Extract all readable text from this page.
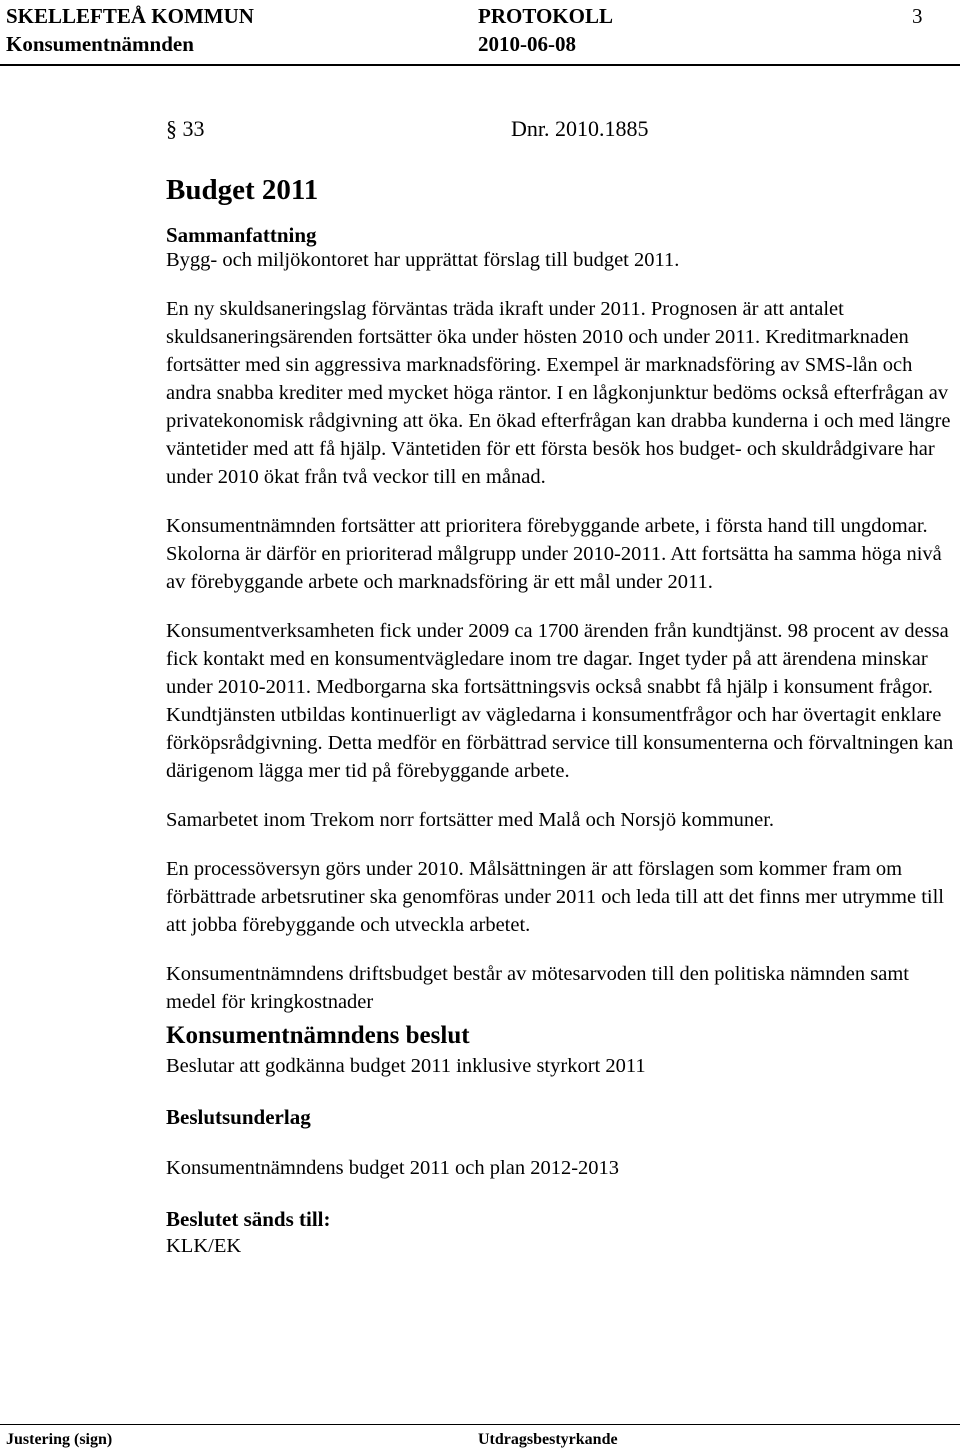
SKELLEFTEÅ KOMMUN
Konsumentnämnden
PROTOKOLL
2010-06-08
3
§ 33	Dnr. 2010.1885
Budget 2011
Sammanfattning

Bygg- och miljökontoret har upprättat förslag till budget 2011.

En ny skuldsaneringslag förväntas träda ikraft under 2011. Prognosen är att antalet skuldsaneringsärenden fortsätter öka under hösten 2010 och under 2011. Kreditmarknaden fortsätter med sin aggressiva marknadsföring. Exempel är marknadsföring av SMS-lån och andra snabba krediter med mycket höga räntor. I en lågkonjunktur bedöms också efterfrågan av privatekonomisk rådgivning att öka. En ökad efterfrågan kan drabba kunderna i och med längre väntetider med att få hjälp. Väntetiden för ett första besök hos budget- och skuldrådgivare har under 2010 ökat från två veckor till en månad.

Konsumentnämnden fortsätter att prioritera förebyggande arbete, i första hand till ungdomar. Skolorna är därför en prioriterad målgrupp under 2010-2011. Att fortsätta ha samma höga nivå av förebyggande arbete och marknadsföring är ett mål under 2011.

Konsumentverksamheten fick under 2009 ca 1700 ärenden från kundtjänst. 98 procent av dessa fick kontakt med en konsumentvägledare inom tre dagar. Inget tyder på att ärendena minskar under 2010-2011. Medborgarna ska fortsättningsvis också snabbt få hjälp i konsument frågor. Kundtjänsten utbildas kontinuerligt av vägledarna i konsumentfrågor och har övertagit enklare förköpsrådgivning. Detta medför en förbättrad service till konsumenterna och förvaltningen kan därigenom lägga mer tid på förebyggande arbete.

Samarbetet inom Trekom norr fortsätter med Malå och Norsjö kommuner.

En processöversyn görs under 2010. Målsättningen är att förslagen som kommer fram om förbättrade arbetsrutiner ska genomföras under 2011 och leda till att det finns mer utrymme till att jobba förebyggande och utveckla arbetet.

Konsumentnämndens driftsbudget består av mötesarvoden till den politiska nämnden samt medel för kringkostnader

Konsumentnämndens beslut

Beslutar att godkänna budget 2011 inklusive styrkort 2011

Beslutsunderlag

Konsumentnämndens budget 2011 och plan 2012-2013

Beslutet sänds till:

KLK/EK

Justering (sign)	Utdragsbestyrkande
